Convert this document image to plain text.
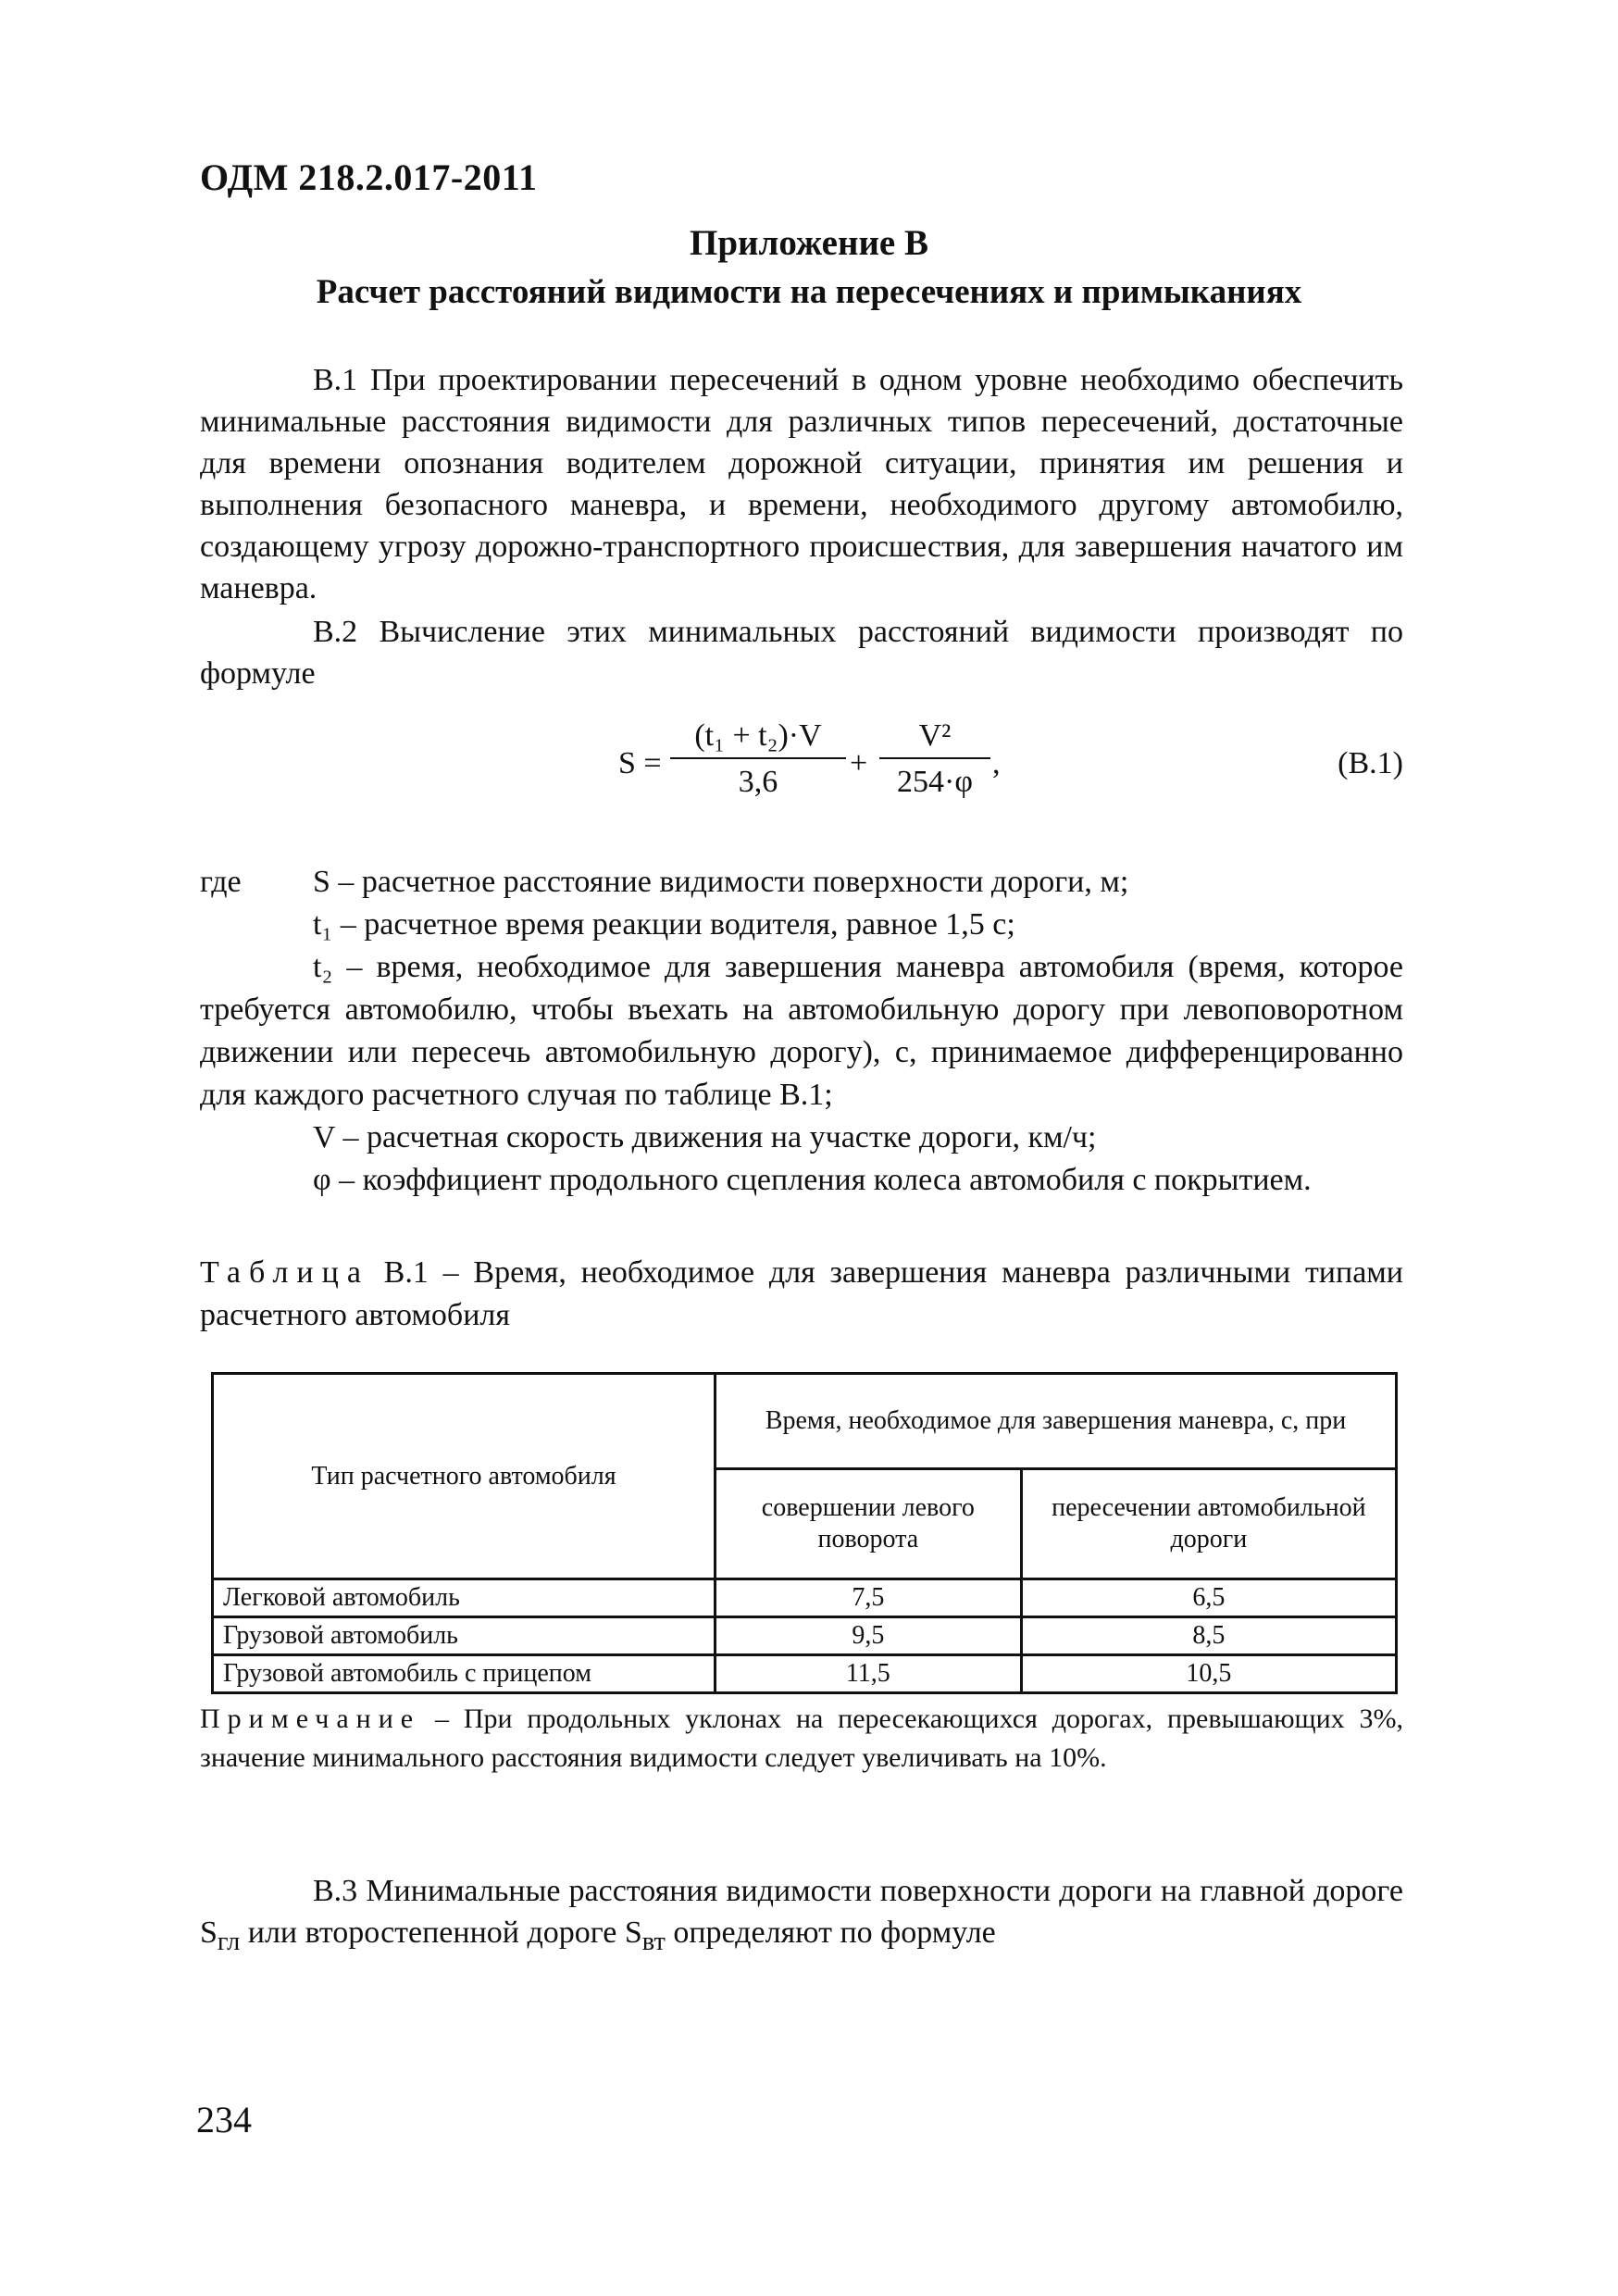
ОДМ 218.2.017-2011
Приложение В
Расчет расстояний видимости на пересечениях и примыканиях
В.1 При проектировании пересечений в одном уровне необходимо обеспечить минимальные расстояния видимости для различных типов пересечений, достаточные для времени опознания водителем дорожной ситуации, принятия им решения и выполнения безопасного маневра, и времени, необходимого другому автомобилю, создающему угрозу дорожно-транспортного происшествия, для завершения начатого им маневра.
В.2 Вычисление этих минимальных расстояний видимости производят по формуле
$S = \frac{\text{(t₁ + t₂)·V}}{3,6} + \frac{\text{V²}}{254\cdot\varphi}$ ,	(В.1)
где S – расчетное расстояние видимости поверхности дороги, м;
t₁ – расчетное время реакции водителя, равное 1,5 с;
t₂ – время, необходимое для завершения маневра автомобиля (время, которое требуется автомобилю, чтобы въехать на автомобильную дорогу при левоповоротном движении или пересечь автомобильную дорогу), с, принимаемое дифференцированно для каждого расчетного случая по таблице В.1;
V – расчетная скорость движения на участке дороги, км/ч;
φ – коэффициент продольного сцепления колеса автомобиля с покрытием.
Таблица В.1 – Время, необходимое для завершения маневра различными типами расчетного автомобиля
Тип расчетного автомобиля	Время, необходимое для завершения маневра, с, при	
	совершении левого поворота	пересечении автомобильной дороги
Легковой автомобиль	7,5	6,5
Грузовой автомобиль	9,5	8,5
Грузовой автомобиль с прицепом	11,5	10,5
Примечание – При продольных уклонах на пересекающихся дорогах, превышающих 3%, значение минимального расстояния видимости следует увеличивать на 10%.
В.3 Минимальные расстояния видимости поверхности дороги на главной дороге $S_{гл}$ или второстепенной дороге $S_{вт}$ определяют по формуле
234
